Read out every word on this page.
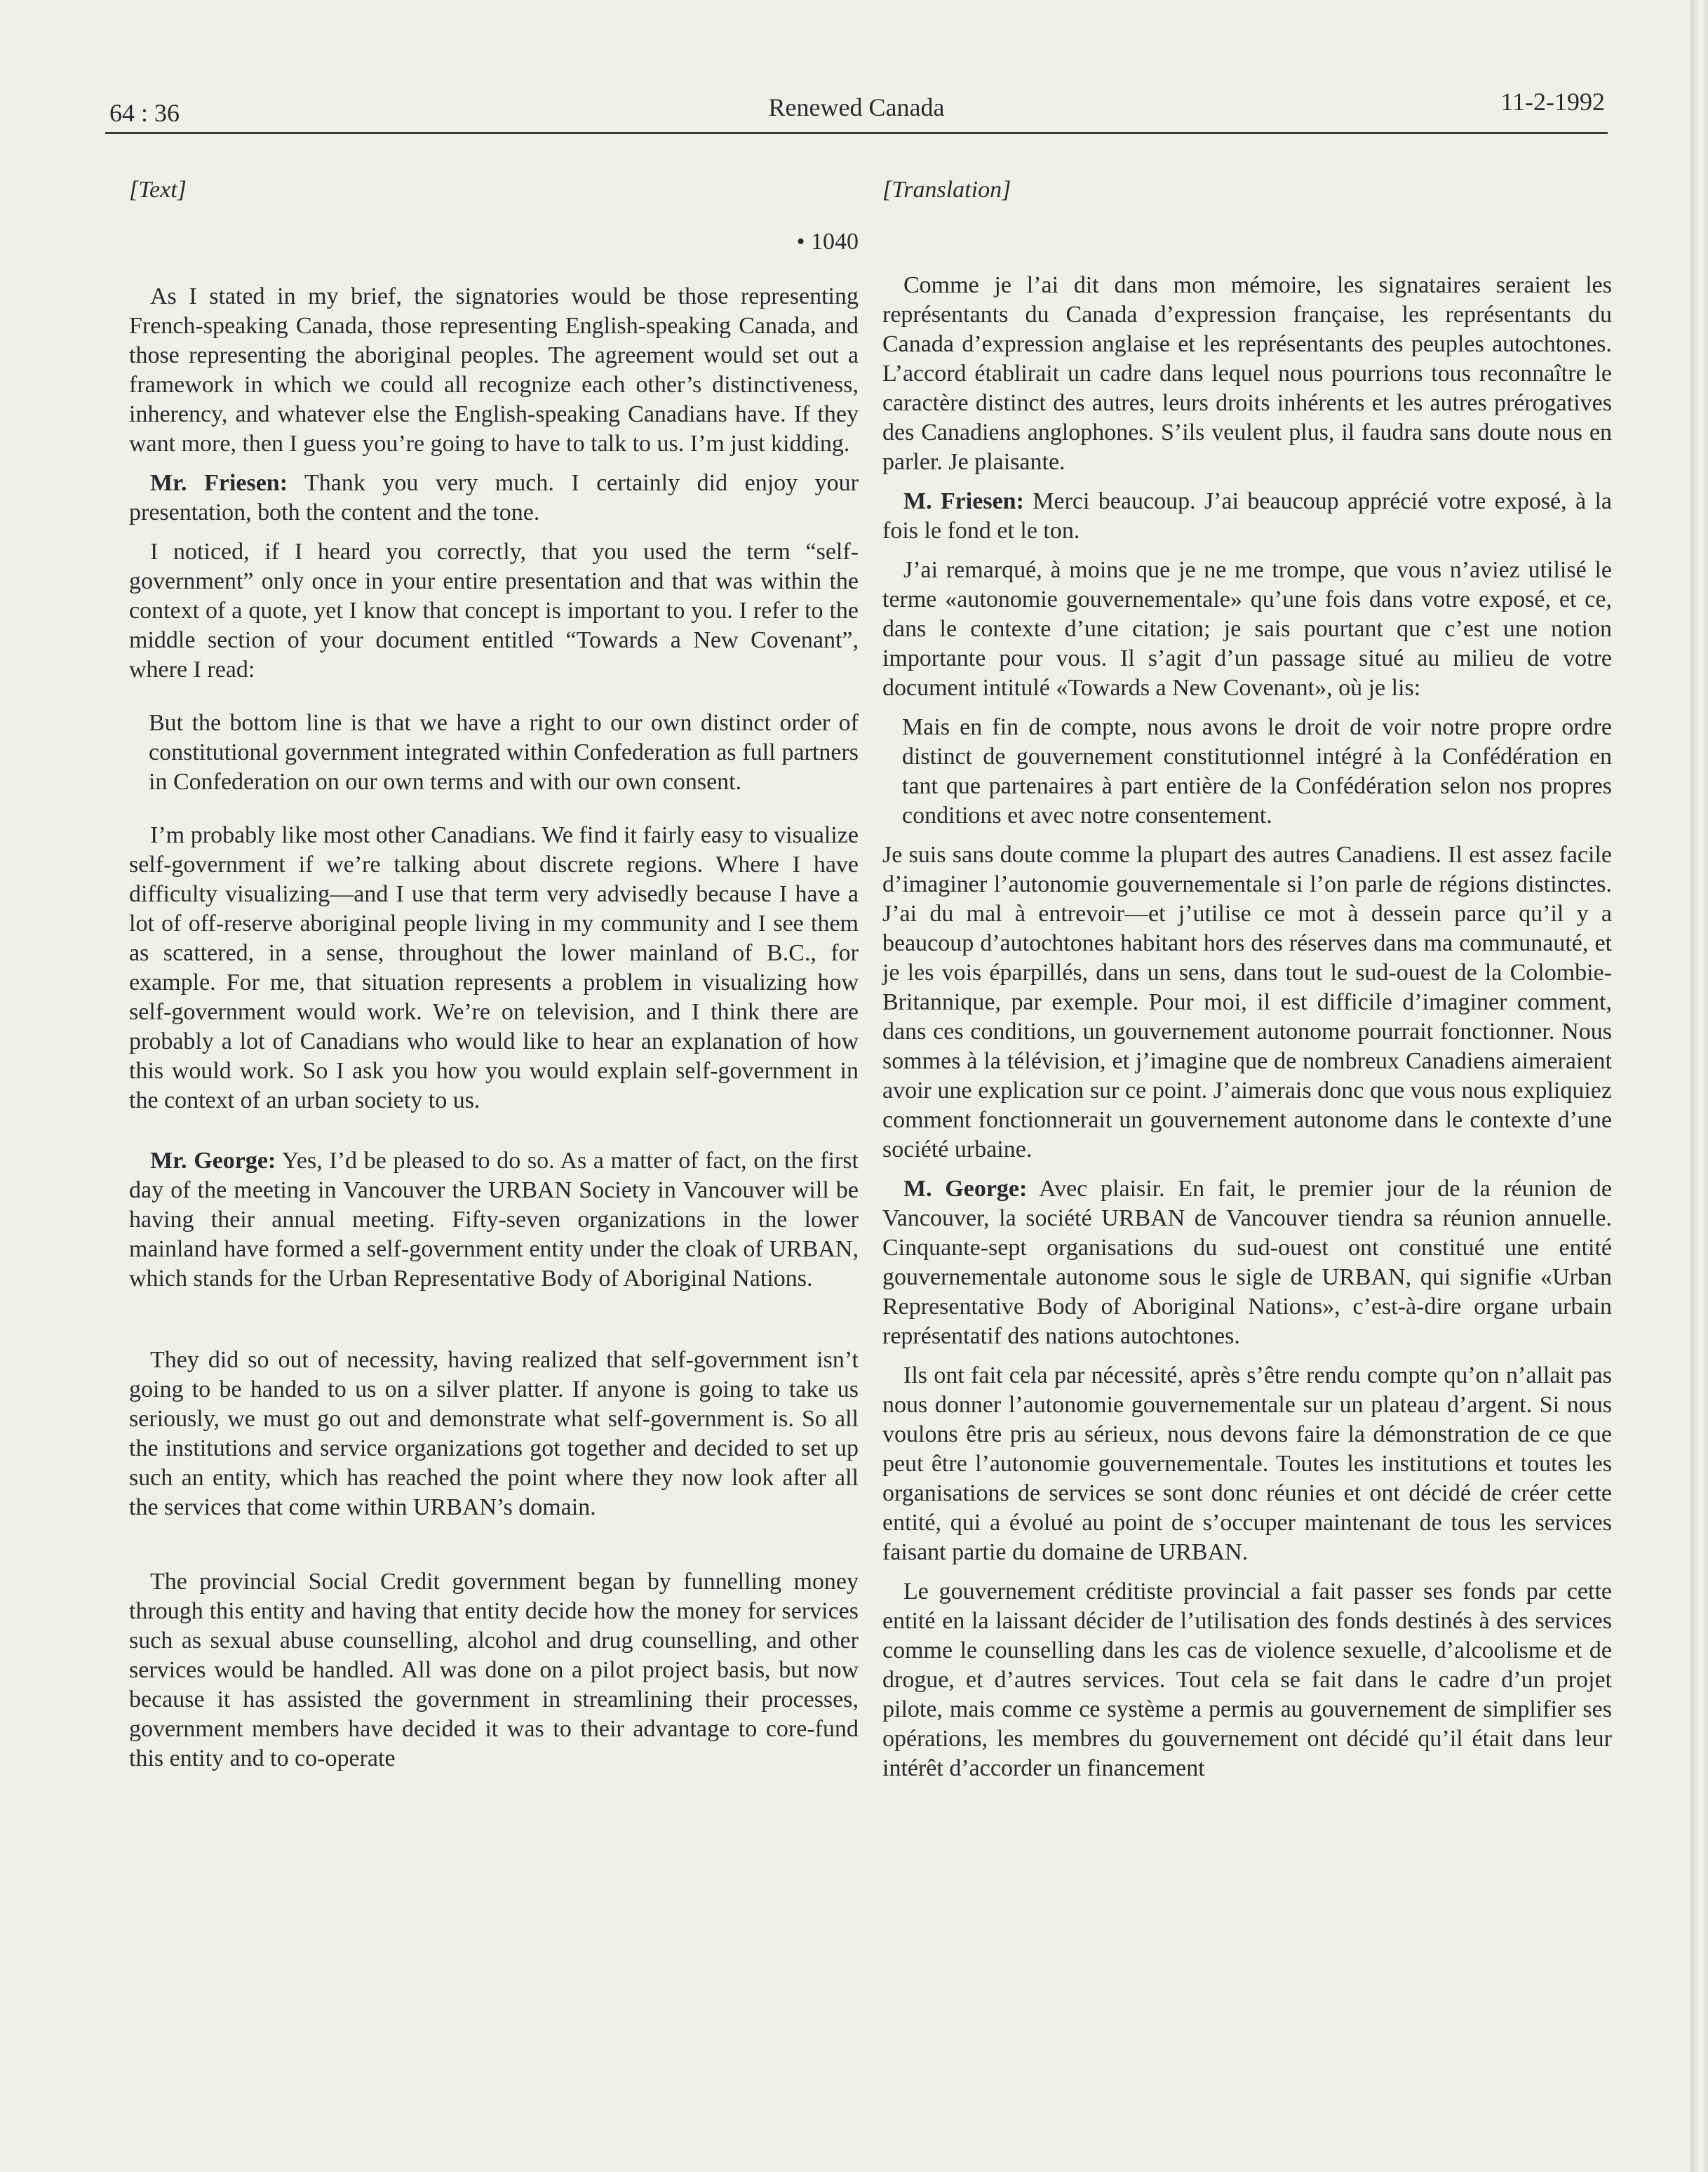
64 : 36	Renewed Canada	11-2-1992
[Text]
• 1040

As I stated in my brief, the signatories would be those representing French-speaking Canada, those representing English-speaking Canada, and those representing the aboriginal peoples. The agreement would set out a framework in which we could all recognize each other’s distinctiveness, inherency, and whatever else the English-speaking Canadians have. If they want more, then I guess you’re going to have to talk to us. I’m just kidding.

Mr. Friesen: Thank you very much. I certainly did enjoy your presentation, both the content and the tone.

I noticed, if I heard you correctly, that you used the term “self-government” only once in your entire presentation and that was within the context of a quote, yet I know that concept is important to you. I refer to the middle section of your document entitled “Towards a New Covenant”, where I read:

But the bottom line is that we have a right to our own distinct order of constitutional government integrated within Confederation as full partners in Confederation on our own terms and with our own consent.

I’m probably like most other Canadians. We find it fairly easy to visualize self-government if we’re talking about discrete regions. Where I have difficulty visualizing—and I use that term very advisedly because I have a lot of off-reserve aboriginal people living in my community and I see them as scattered, in a sense, throughout the lower mainland of B.C., for example. For me, that situation represents a problem in visualizing how self-government would work. We’re on television, and I think there are probably a lot of Canadians who would like to hear an explanation of how this would work. So I ask you how you would explain self-government in the context of an urban society to us.

Mr. George: Yes, I’d be pleased to do so. As a matter of fact, on the first day of the meeting in Vancouver the URBAN Society in Vancouver will be having their annual meeting. Fifty-seven organizations in the lower mainland have formed a self-government entity under the cloak of URBAN, which stands for the Urban Representative Body of Aboriginal Nations.

They did so out of necessity, having realized that self-government isn’t going to be handed to us on a silver platter. If anyone is going to take us seriously, we must go out and demonstrate what self-government is. So all the institutions and service organizations got together and decided to set up such an entity, which has reached the point where they now look after all the services that come within URBAN’s domain.

The provincial Social Credit government began by funnelling money through this entity and having that entity decide how the money for services such as sexual abuse counselling, alcohol and drug counselling, and other services would be handled. All was done on a pilot project basis, but now because it has assisted the government in streamlining their processes, government members have decided it was to their advantage to core-fund this entity and to co-operate

[Translation]

Comme je l’ai dit dans mon mémoire, les signataires seraient les représentants du Canada d’expression française, les représentants du Canada d’expression anglaise et les représentants des peuples autochtones. L’accord établirait un cadre dans lequel nous pourrions tous reconnaître le caractère distinct des autres, leurs droits inhérents et les autres prérogatives des Canadiens anglophones. S’ils veulent plus, il faudra sans doute nous en parler. Je plaisante.

M. Friesen: Merci beaucoup. J’ai beaucoup apprécié votre exposé, à la fois le fond et le ton.

J’ai remarqué, à moins que je ne me trompe, que vous n’aviez utilisé le terme «autonomie gouvernementale» qu’une fois dans votre exposé, et ce, dans le contexte d’une citation; je sais pourtant que c’est une notion importante pour vous. Il s’agit d’un passage situé au milieu de votre document intitulé «Towards a New Covenant», où je lis:

Mais en fin de compte, nous avons le droit de voir notre propre ordre distinct de gouvernement constitutionnel intégré à la Confédération en tant que partenaires à part entière de la Confédération selon nos propres conditions et avec notre consentement.

Je suis sans doute comme la plupart des autres Canadiens. Il est assez facile d’imaginer l’autonomie gouvernementale si l’on parle de régions distinctes. J’ai du mal à entrevoir—et j’utilise ce mot à dessein parce qu’il y a beaucoup d’autochtones habitant hors des réserves dans ma communauté, et je les vois éparpillés, dans un sens, dans tout le sud-ouest de la Colombie-Britannique, par exemple. Pour moi, il est difficile d’imaginer comment, dans ces conditions, un gouvernement autonome pourrait fonctionner. Nous sommes à la télévision, et j’imagine que de nombreux Canadiens aimeraient avoir une explication sur ce point. J’aimerais donc que vous nous expliquiez comment fonctionnerait un gouvernement autonome dans le contexte d’une société urbaine.

M. George: Avec plaisir. En fait, le premier jour de la réunion de Vancouver, la société URBAN de Vancouver tiendra sa réunion annuelle. Cinquante-sept organisations du sud-ouest ont constitué une entité gouvernementale autonome sous le sigle de URBAN, qui signifie «Urban Representative Body of Aboriginal Nations», c’est-à-dire organe urbain représentatif des nations autochtones.

Ils ont fait cela par nécessité, après s’être rendu compte qu’on n’allait pas nous donner l’autonomie gouvernementale sur un plateau d’argent. Si nous voulons être pris au sérieux, nous devons faire la démonstration de ce que peut être l’autonomie gouvernementale. Toutes les institutions et toutes les organisations de services se sont donc réunies et ont décidé de créer cette entité, qui a évolué au point de s’occuper maintenant de tous les services faisant partie du domaine de URBAN.

Le gouvernement créditiste provincial a fait passer ses fonds par cette entité en la laissant décider de l’utilisation des fonds destinés à des services comme le counselling dans les cas de violence sexuelle, d’alcoolisme et de drogue, et d’autres services. Tout cela se fait dans le cadre d’un projet pilote, mais comme ce système a permis au gouvernement de simplifier ses opérations, les membres du gouvernement ont décidé qu’il était dans leur intérêt d’accorder un financement
